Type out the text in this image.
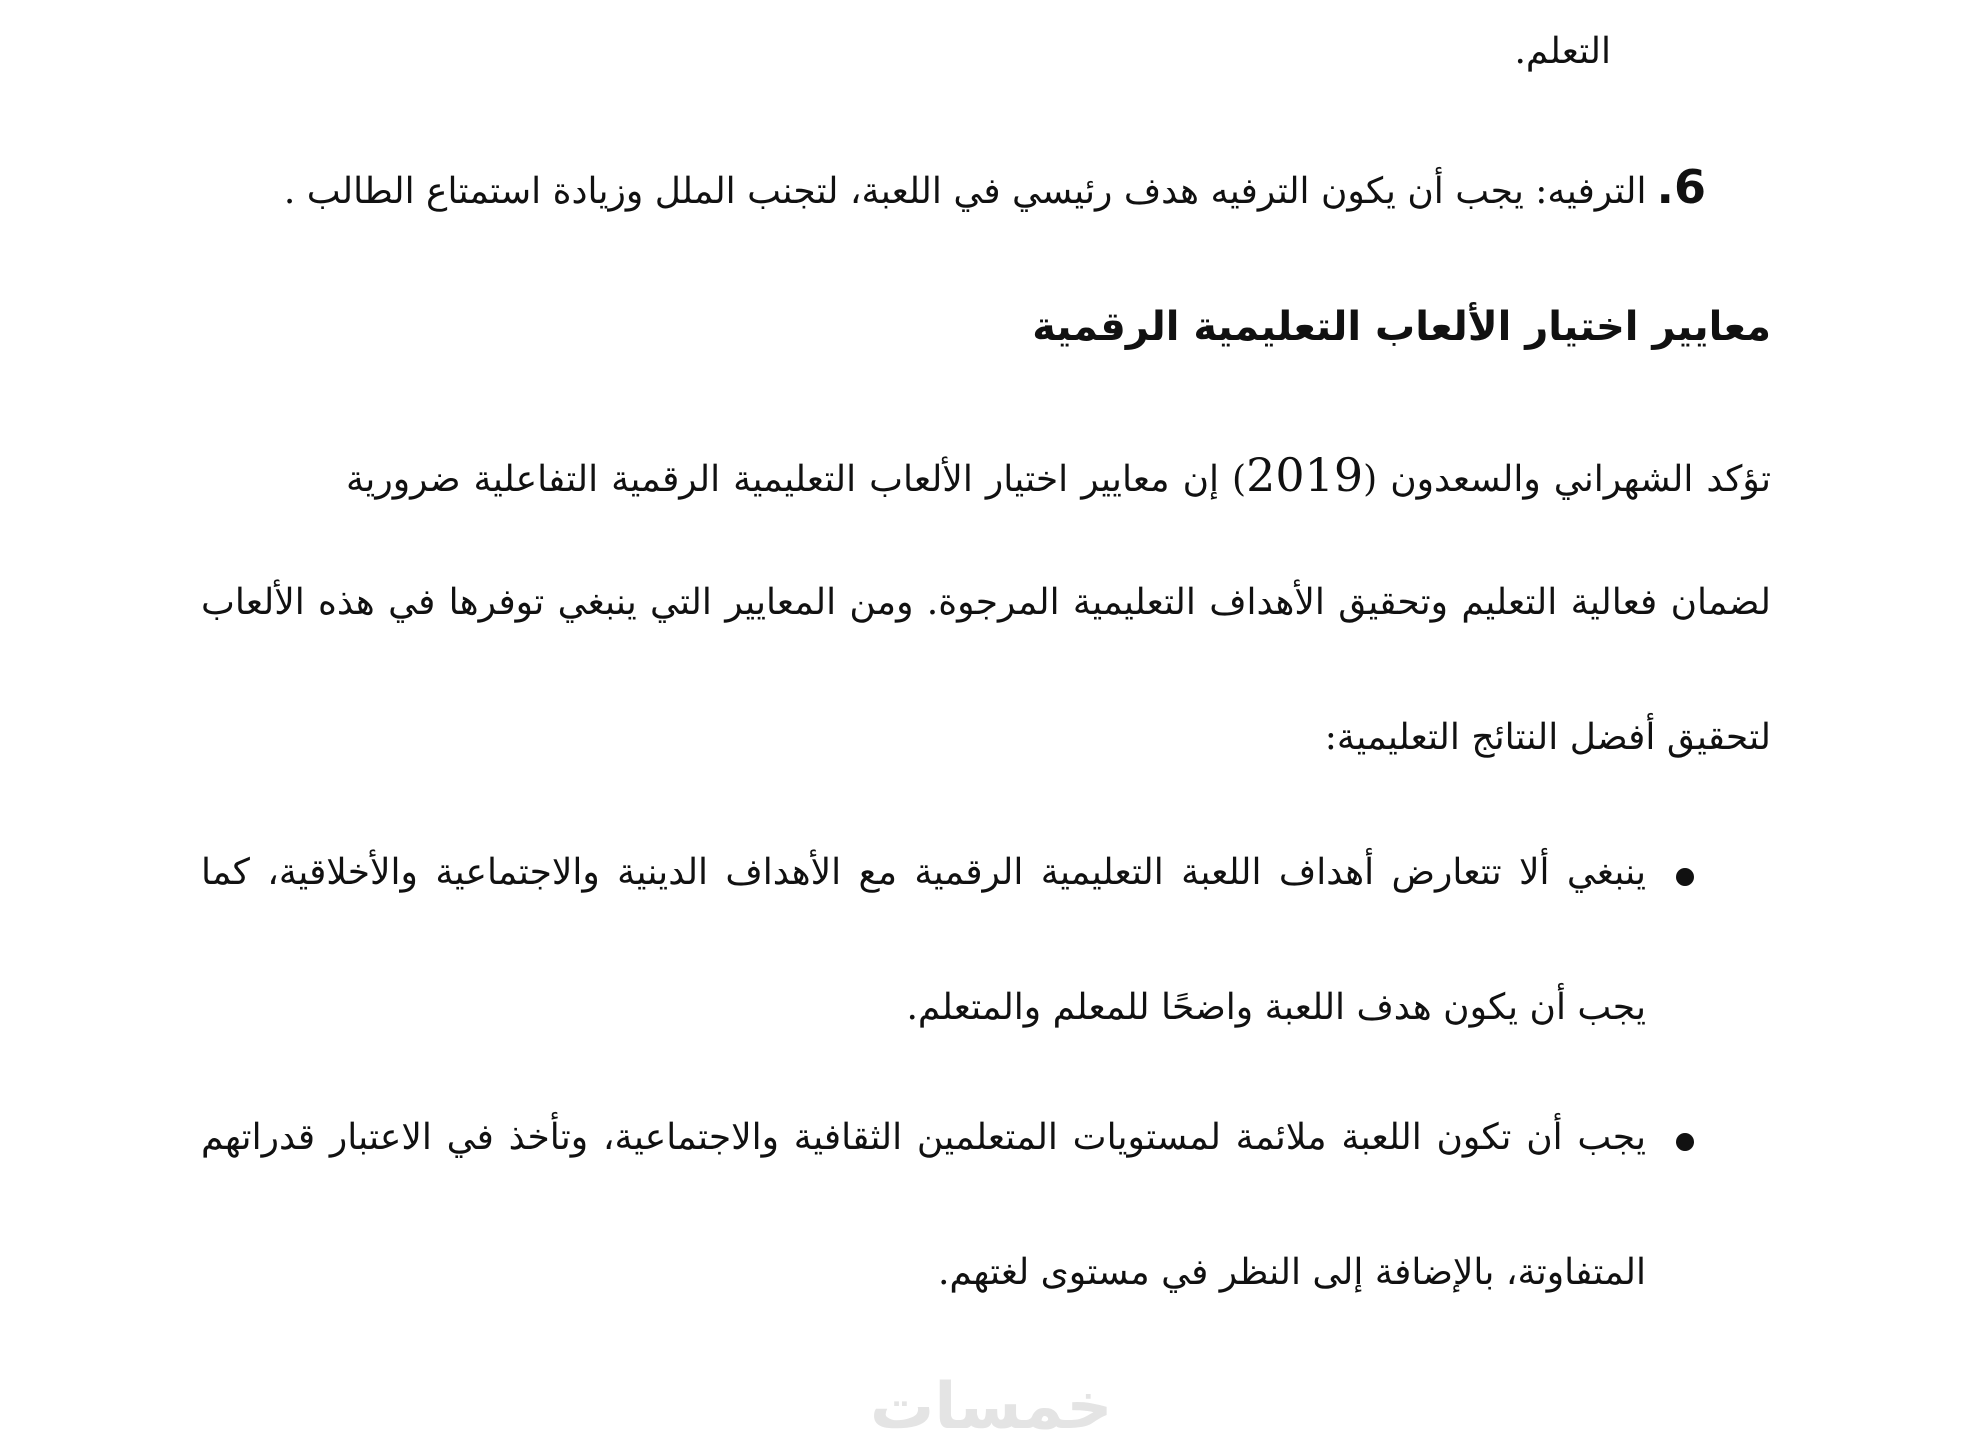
التعلم.
6.الترفيه: يجب أن يكون الترفيه هدف رئيسي في اللعبة، لتجنب الملل وزيادة استمتاع الطالب .
معايير اختيار الألعاب التعليمية الرقمية
تؤكد الشهراني والسعدون (2019) إن معايير اختيار الألعاب التعليمية الرقمية التفاعلية ضرورية
لضمان فعالية التعليم وتحقيق الأهداف التعليمية المرجوة. ومن المعايير التي ينبغي توفرها في هذه الألعاب
لتحقيق أفضل النتائج التعليمية:
ينبغي ألا تتعارض أهداف اللعبة التعليمية الرقمية مع الأهداف الدينية والاجتماعية والأخلاقية، كما
يجب أن يكون هدف اللعبة واضحًا للمعلم والمتعلم.
يجب أن تكون اللعبة ملائمة لمستويات المتعلمين الثقافية والاجتماعية، وتأخذ في الاعتبار قدراتهم
المتفاوتة، بالإضافة إلى النظر في مستوى لغتهم.
خمسات
